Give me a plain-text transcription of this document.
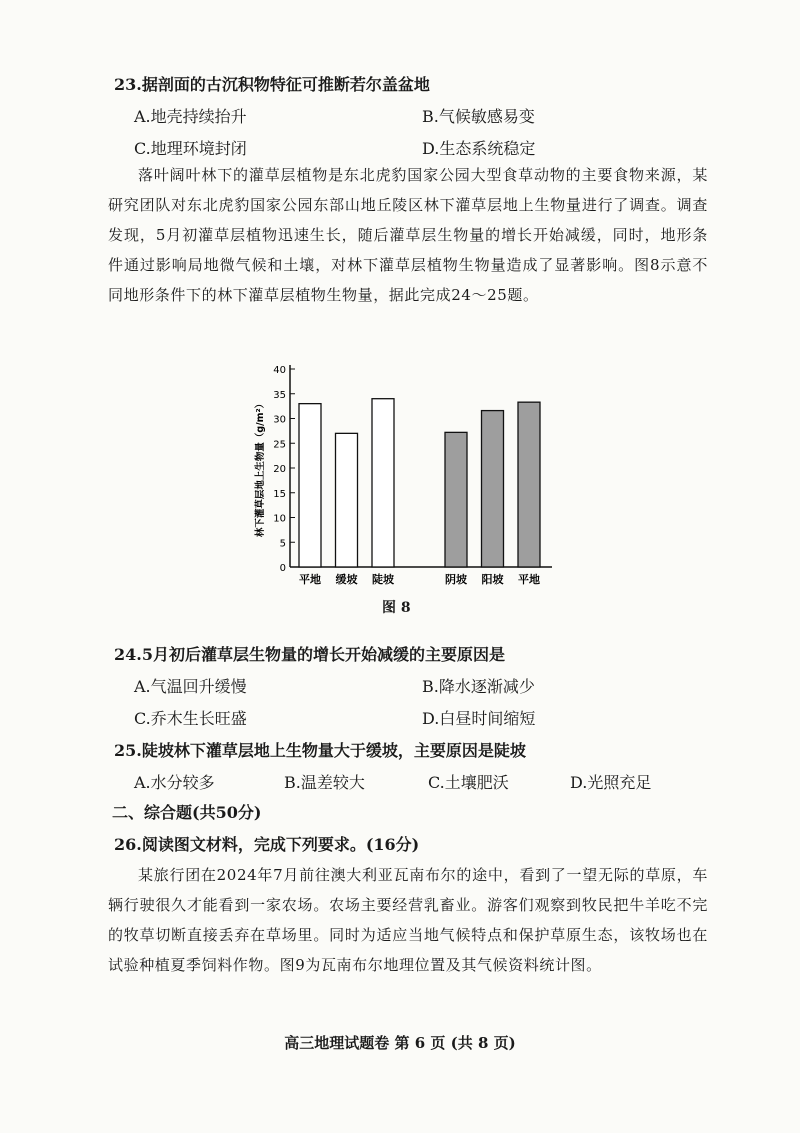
23.据剖面的古沉积物特征可推断若尔盖盆地
A.地壳持续抬升	B.气候敏感易变
C.地理环境封闭	D.生态系统稳定
落叶阔叶林下的灌草层植物是东北虎豹国家公园大型食草动物的主要食物来源，某研究团队对东北虎豹国家公园东部山地丘陵区林下灌草层地上生物量进行了调查。调查发现，5月初灌草层植物迅速生长，随后灌草层生物量的增长开始减缓，同时，地形条件通过影响局地微气候和土壤，对林下灌草层植物生物量造成了显著影响。图8示意不同地形条件下的林下灌草层植物生物量，据此完成24～25题。
0
5
10
15
20
25
30
35
40
林下灌草层地上生物量（g/m²）
平地 缓坡 陡坡	阴坡 阳坡 平地
图 8
24.5月初后灌草层生物量的增长开始减缓的主要原因是
A.气温回升缓慢	B.降水逐渐减少
C.乔木生长旺盛	D.白昼时间缩短
25.陡坡林下灌草层地上生物量大于缓坡，主要原因是陡坡
A.水分较多	B.温差较大	C.土壤肥沃	D.光照充足
二、综合题(共50分)
26.阅读图文材料，完成下列要求。(16分)
某旅行团在2024年7月前往澳大利亚瓦南布尔的途中，看到了一望无际的草原，车辆行驶很久才能看到一家农场。农场主要经营乳畜业。游客们观察到牧民把牛羊吃不完的牧草切断直接丢弃在草场里。同时为适应当地气候特点和保护草原生态，该牧场也在试验种植夏季饲料作物。图9为瓦南布尔地理位置及其气候资料统计图。
高三地理试题卷 第 6 页 (共 8 页)
